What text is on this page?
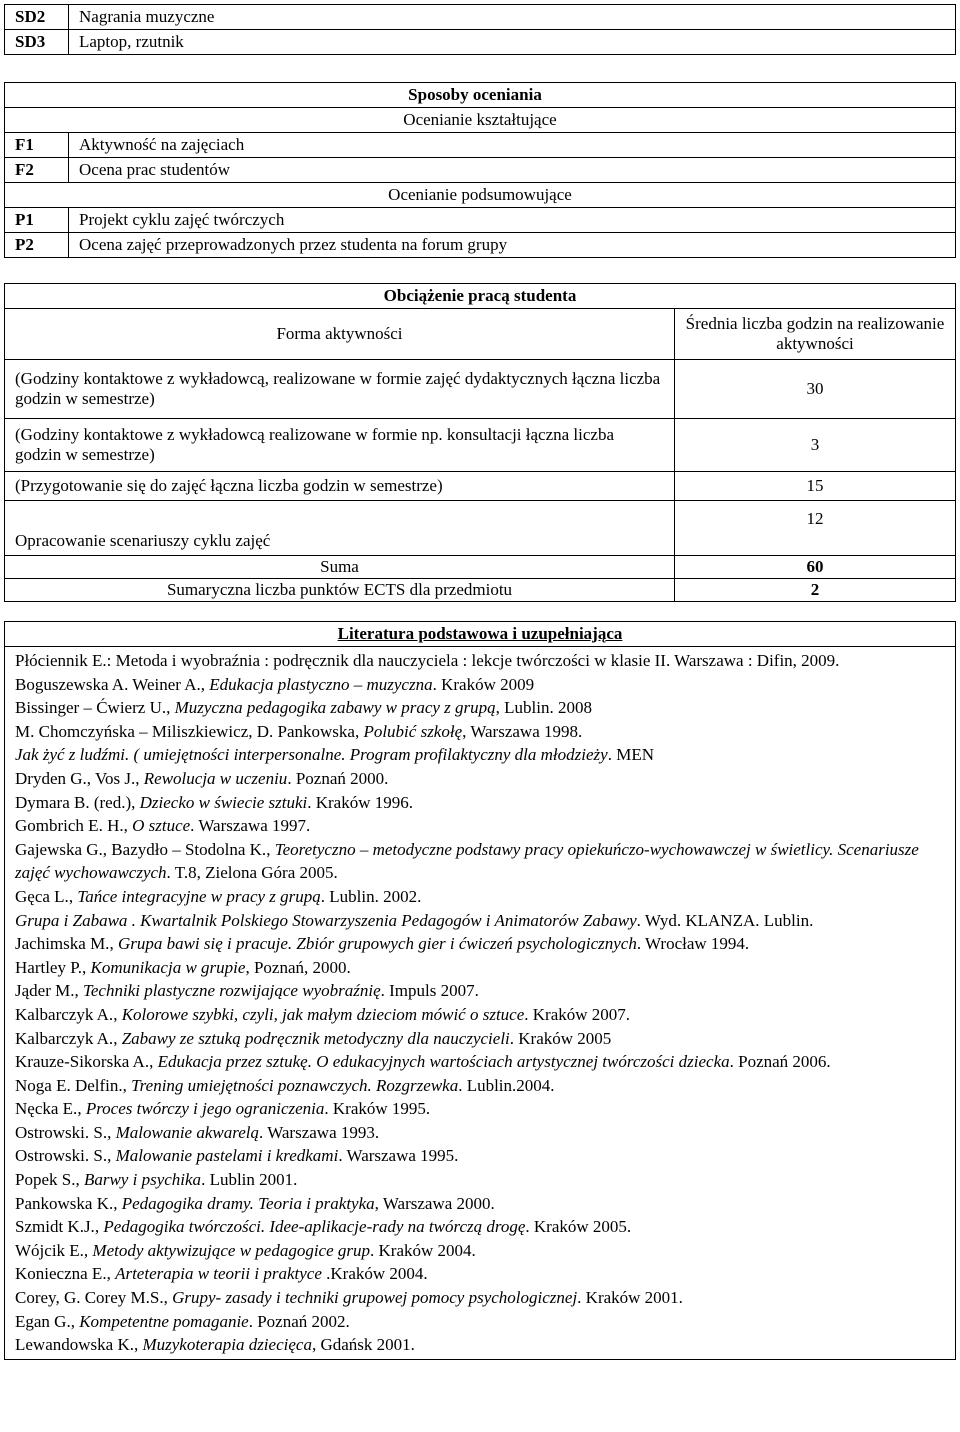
SD2	Nagrania muzyczne
SD3	Laptop, rzutnik
Sposoby oceniania	
Ocenianie kształtujące	
F1	Aktywność na zajęciach
F2	Ocena prac studentów
Ocenianie podsumowujące	
P1	Projekt cyklu zajęć twórczych
P2	Ocena zajęć przeprowadzonych przez studenta na forum grupy
Obciążenie pracą studenta	
Forma aktywności	Średnia liczba godzin na realizowanie aktywności
(Godziny kontaktowe z wykładowcą, realizowane w formie zajęć dydaktycznych łączna liczba godzin w semestrze)	30
(Godziny kontaktowe z wykładowcą realizowane w formie np. konsultacji łączna liczba godzin w semestrze)	3
(Przygotowanie się do zajęć łączna liczba godzin w semestrze)	15
Opracowanie scenariuszy cyklu zajęć	12
Suma	60
Sumaryczna liczba punktów ECTS dla przedmiotu	2
Literatura podstawowa i uzupełniająca

Płóciennik E.: Metoda i wyobraźnia : podręcznik dla nauczyciela : lekcje twórczości w klasie II. Warszawa : Difin, 2009.
Boguszewska A. Weiner A., Edukacja plastyczno – muzyczna. Kraków 2009
Bissinger – Ćwierz U., Muzyczna pedagogika zabawy w pracy z grupą, Lublin. 2008
M. Chomczyńska – Miliszkiewicz, D. Pankowska, Polubić szkołę, Warszawa 1998.
Jak żyć z ludźmi. ( umiejętności interpersonalne. Program profilaktyczny dla młodzieży. MEN
Dryden G., Vos J., Rewolucja w uczeniu. Poznań 2000.
Dymara B. (red.), Dziecko w świecie sztuki. Kraków 1996.
Gombrich E. H., O sztuce. Warszawa 1997.
Gajewska G., Bazydło – Stodolna K., Teoretyczno – metodyczne podstawy pracy opiekuńczo-wychowawczej w świetlicy. Scenariusze zajęć wychowawczych. T.8, Zielona Góra 2005.
Gęca L., Tańce integracyjne w pracy z grupą. Lublin. 2002.
Grupa i Zabawa . Kwartalnik Polskiego Stowarzyszenia Pedagogów i Animatorów Zabawy. Wyd. KLANZA. Lublin.
Jachimska M., Grupa bawi się i pracuje. Zbiór grupowych gier i ćwiczeń psychologicznych. Wrocław 1994.
Hartley P., Komunikacja w grupie, Poznań, 2000.
Jąder M., Techniki plastyczne rozwijające wyobraźnię. Impuls 2007.
Kalbarczyk A., Kolorowe szybki, czyli, jak małym dzieciom mówić o sztuce. Kraków 2007.
Kalbarczyk A., Zabawy ze sztuką podręcznik metodyczny dla nauczycieli. Kraków 2005
Krauze-Sikorska A., Edukacja przez sztukę. O edukacyjnych wartościach artystycznej twórczości dziecka. Poznań 2006.
Noga E. Delfin., Trening umiejętności poznawczych. Rozgrzewka. Lublin.2004.
Nęcka E., Proces twórczy i jego ograniczenia. Kraków 1995.
Ostrowski. S., Malowanie akwarelą. Warszawa 1993.
Ostrowski. S., Malowanie pastelami i kredkami. Warszawa 1995.
Popek S., Barwy i psychika. Lublin 2001.
Pankowska K., Pedagogika dramy. Teoria i praktyka, Warszawa 2000.
Szmidt K.J., Pedagogika twórczości. Idee-aplikacje-rady na twórczą drogę. Kraków 2005.
Wójcik E., Metody aktywizujące w pedagogice grup. Kraków 2004.
Konieczna E., Arteterapia w teorii i praktyce .Kraków 2004.
Corey, G. Corey M.S., Grupy- zasady i techniki grupowej pomocy psychologicznej. Kraków 2001.
Egan G., Kompetentne pomaganie. Poznań 2002.
Lewandowska K., Muzykoterapia dziecięca, Gdańsk 2001.
